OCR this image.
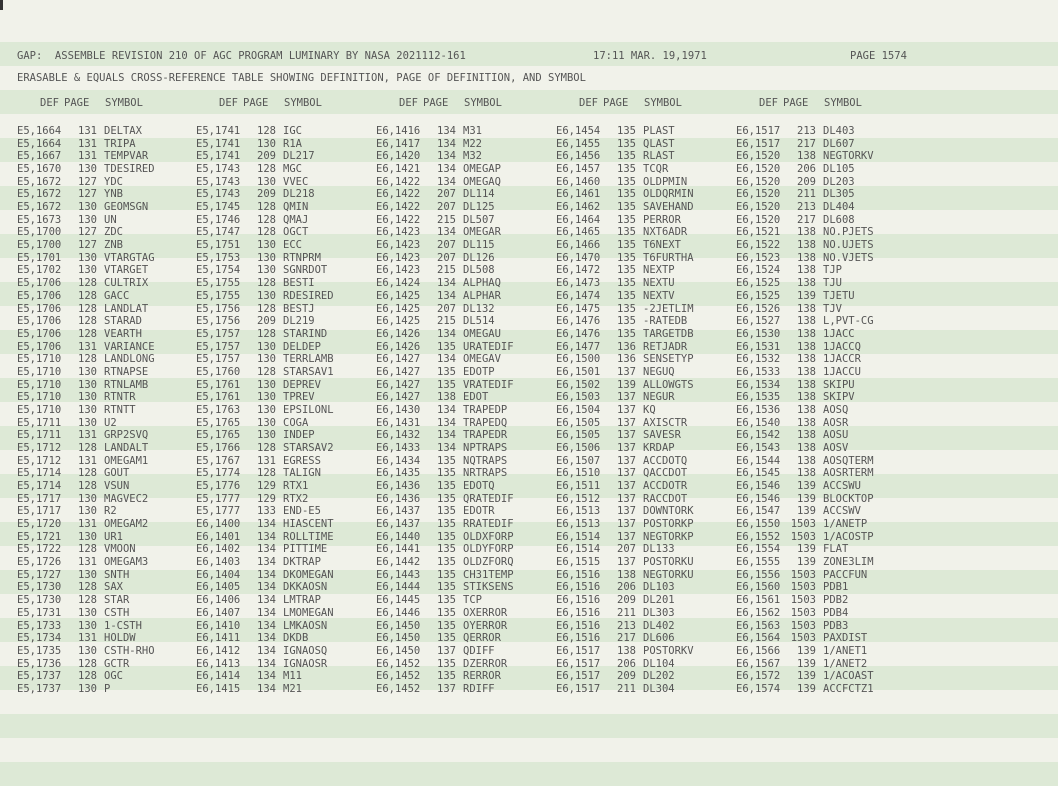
GAP:  ASSEMBLE REVISION 210 OF AGC PROGRAM LUMINARY BY NASA 2021112-161	17:11 MAR. 19,1971	PAGE 1574
ERASABLE & EQUALS CROSS-REFERENCE TABLE SHOWING DEFINITION, PAGE OF DEFINITION, AND SYMBOL
DEF PAGE SYMBOL	DEF PAGE SYMBOL	DEF PAGE SYMBOL	DEF PAGE SYMBOL	DEF PAGE SYMBOL
E5,1664	131 DELTAX	E5,1741	128 IGC	E6,1416	134 M31	E6,1454	135 PLAST	E6,1517	213 DL403
E5,1664	131 TRIPA	E5,1741	130 R1A	E6,1417	134 M22	E6,1455	135 QLAST	E6,1517	217 DL607
E5,1667	131 TEMPVAR	E5,1741	209 DL217	E6,1420	134 M32	E6,1456	135 RLAST	E6,1520	138 NEGTORKV
E5,1670	130 TDESIRED	E5,1743	128 MGC	E6,1421	134 OMEGAP	E6,1457	135 TCQR	E6,1520	206 DL105
E5,1672	127 YDC	E5,1743	130 VVEC	E6,1422	134 OMEGAQ	E6,1460	135 OLDPMIN	E6,1520	209 DL203
E5,1672	127 YNB	E5,1743	209 DL218	E6,1422	207 DL114	E6,1461	135 OLDQRMIN	E6,1520	211 DL305
E5,1672	130 GEOMSGN	E5,1745	128 QMIN	E6,1422	207 DL125	E6,1462	135 SAVEHAND	E6,1520	213 DL404
E5,1673	130 UN	E5,1746	128 QMAJ	E6,1422	215 DL507	E6,1464	135 PERROR	E6,1520	217 DL608
E5,1700	127 ZDC	E5,1747	128 OGCT	E6,1423	134 OMEGAR	E6,1465	135 NXT6ADR	E6,1521	138 NO.PJETS
E5,1700	127 ZNB	E5,1751	130 ECC	E6,1423	207 DL115	E6,1466	135 T6NEXT	E6,1522	138 NO.UJETS
E5,1701	130 VTARGTAG	E5,1753	130 RTNPRM	E6,1423	207 DL126	E6,1470	135 T6FURTHA	E6,1523	138 NO.VJETS
E5,1702	130 VTARGET	E5,1754	130 SGNRDOT	E6,1423	215 DL508	E6,1472	135 NEXTP	E6,1524	138 TJP
E5,1706	128 CULTRIX	E5,1755	128 BESTI	E6,1424	134 ALPHAQ	E6,1473	135 NEXTU	E6,1525	138 TJU
E5,1706	128 GACC	E5,1755	130 RDESIRED	E6,1425	134 ALPHAR	E6,1474	135 NEXTV	E6,1525	139 TJETU
E5,1706	128 LANDLAT	E5,1756	128 BESTJ	E6,1425	207 DL132	E6,1475	135 -2JETLIM	E6,1526	138 TJV
E5,1706	128 STARAD	E5,1756	209 DL219	E6,1425	215 DL514	E6,1476	135 -RATEDB	E6,1527	138 L,PVT-CG
E5,1706	128 VEARTH	E5,1757	128 STARIND	E6,1426	134 OMEGAU	E6,1476	135 TARGETDB	E6,1530	138 1JACC
E5,1706	131 VARIANCE	E5,1757	130 DELDEP	E6,1426	135 URATEDIF	E6,1477	136 RETJADR	E6,1531	138 1JACCQ
E5,1710	128 LANDLONG	E5,1757	130 TERRLAMB	E6,1427	134 OMEGAV	E6,1500	136 SENSETYP	E6,1532	138 1JACCR
E5,1710	130 RTNAPSE	E5,1760	128 STARSAV1	E6,1427	135 EDOTP	E6,1501	137 NEGUQ	E6,1533	138 1JACCU
E5,1710	130 RTNLAMB	E5,1761	130 DEPREV	E6,1427	135 VRATEDIF	E6,1502	139 ALLOWGTS	E6,1534	138 SKIPU
E5,1710	130 RTNTR	E5,1761	130 TPREV	E6,1427	138 EDOT	E6,1503	137 NEGUR	E6,1535	138 SKIPV
E5,1710	130 RTNTT	E5,1763	130 EPSILONL	E6,1430	134 TRAPEDP	E6,1504	137 KQ	E6,1536	138 AOSQ
E5,1711	130 U2	E5,1765	130 COGA	E6,1431	134 TRAPEDQ	E6,1505	137 AXISCTR	E6,1540	138 AOSR
E5,1711	131 GRP2SVQ	E5,1765	130 INDEP	E6,1432	134 TRAPEDR	E6,1505	137 SAVESR	E6,1542	138 AOSU
E5,1712	128 LANDALT	E5,1766	128 STARSAV2	E6,1433	134 NPTRAPS	E6,1506	137 KRDAP	E6,1543	138 AOSV
E5,1712	131 OMEGAM1	E5,1767	131 EGRESS	E6,1434	135 NQTRAPS	E6,1507	137 ACCDOTQ	E6,1544	138 AOSQTERM
E5,1714	128 GOUT	E5,1774	128 TALIGN	E6,1435	135 NRTRAPS	E6,1510	137 QACCDOT	E6,1545	138 AOSRTERM
E5,1714	128 VSUN	E5,1776	129 RTX1	E6,1436	135 EDOTQ	E6,1511	137 ACCDOTR	E6,1546	139 ACCSWU
E5,1717	130 MAGVEC2	E5,1777	129 RTX2	E6,1436	135 QRATEDIF	E6,1512	137 RACCDOT	E6,1546	139 BLOCKTOP
E5,1717	130 R2	E5,1777	133 END-E5	E6,1437	135 EDOTR	E6,1513	137 DOWNTORK	E6,1547	139 ACCSWV
E5,1720	131 OMEGAM2	E6,1400	134 HIASCENT	E6,1437	135 RRATEDIF	E6,1513	137 POSTORKP	E6,1550 1503 1/ANETP
E5,1721	130 UR1	E6,1401	134 ROLLTIME	E6,1440	135 OLDXFORP	E6,1514	137 NEGTORKP	E6,1552 1503 1/ACOSTP
E5,1722	128 VMOON	E6,1402	134 PITTIME	E6,1441	135 OLDYFORP	E6,1514	207 DL133	E6,1554	139 FLAT
E5,1726	131 OMEGAM3	E6,1403	134 DKTRAP	E6,1442	135 OLDZFORQ	E6,1515	137 POSTORKU	E6,1555	139 ZONE3LIM
E5,1727	130 SNTH	E6,1404	134 DKOMEGAN	E6,1443	135 CH31TEMP	E6,1516	138 NEGTORKU	E6,1556 1503 PACCFUN
E5,1730	128 SAX	E6,1405	134 DKKAOSN	E6,1444	135 STIKSENS	E6,1516	206 DL103	E6,1560 1503 PDB1
E5,1730	128 STAR	E6,1406	134 LMTRAP	E6,1445	135 TCP	E6,1516	209 DL201	E6,1561 1503 PDB2
E5,1731	130 CSTH	E6,1407	134 LMOMEGAN	E6,1446	135 OXERROR	E6,1516	211 DL303	E6,1562 1503 PDB4
E5,1733	130 1-CSTH	E6,1410	134 LMKAOSN	E6,1450	135 OYERROR	E6,1516	213 DL402	E6,1563 1503 PDB3
E5,1734	131 HOLDW	E6,1411	134 DKDB	E6,1450	135 QERROR	E6,1516	217 DL606	E6,1564 1503 PAXDIST
E5,1735	130 CSTH-RHO	E6,1412	134 IGNAOSQ	E6,1450	137 QDIFF	E6,1517	138 POSTORKV	E6,1566	139 1/ANET1
E5,1736	128 GCTR	E6,1413	134 IGNAOSR	E6,1452	135 DZERROR	E6,1517	206 DL104	E6,1567	139 1/ANET2
E5,1737	128 OGC	E6,1414	134 M11	E6,1452	135 RERROR	E6,1517	209 DL202	E6,1572	139 1/ACOAST
E5,1737	130 P	E6,1415	134 M21	E6,1452	137 RDIFF	E6,1517	211 DL304	E6,1574	139 ACCFCTZ1
